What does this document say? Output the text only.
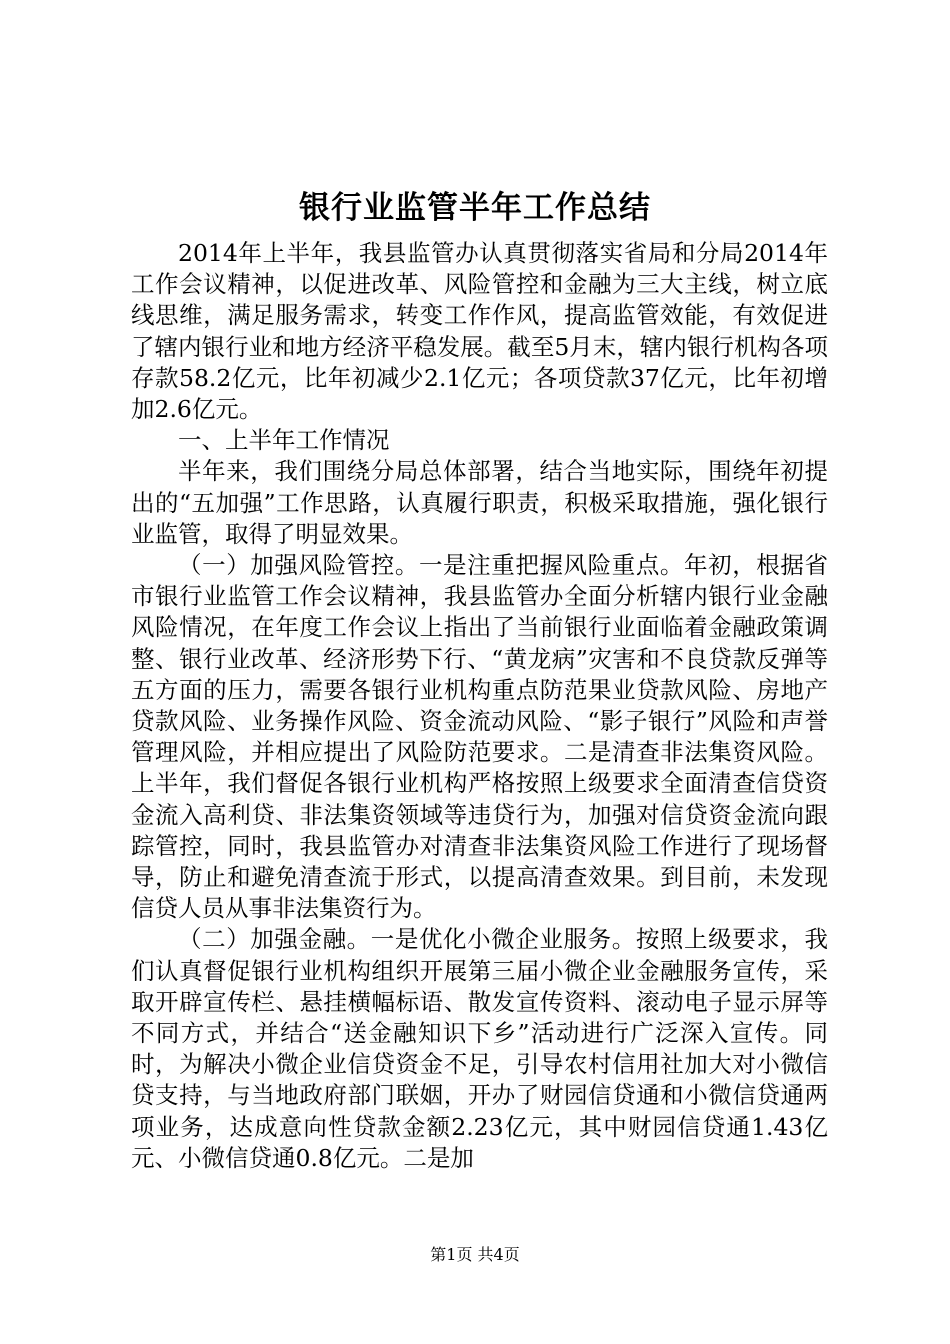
银行业监管半年工作总结

2014年上半年，我县监管办认真贯彻落实省局和分局2014年工作会议精神，以促进改革、风险管控和金融为三大主线，树立底线思维，满足服务需求，转变工作作风，提高监管效能，有效促进了辖内银行业和地方经济平稳发展。截至5月末，辖内银行机构各项存款58.2亿元，比年初减少2.1亿元；各项贷款37亿元，比年初增加2.6亿元。

一、上半年工作情况

半年来，我们围绕分局总体部署，结合当地实际，围绕年初提出的“五加强”工作思路，认真履行职责，积极采取措施，强化银行业监管，取得了明显效果。

（一）加强风险管控。一是注重把握风险重点。年初，根据省市银行业监管工作会议精神，我县监管办全面分析辖内银行业金融风险情况，在年度工作会议上指出了当前银行业面临着金融政策调整、银行业改革、经济形势下行、“黄龙病”灾害和不良贷款反弹等五方面的压力，需要各银行业机构重点防范果业贷款风险、房地产贷款风险、业务操作风险、资金流动风险、“影子银行”风险和声誉管理风险，并相应提出了风险防范要求。二是清查非法集资风险。上半年，我们督促各银行业机构严格按照上级要求全面清查信贷资金流入高利贷、非法集资领域等违贷行为，加强对信贷资金流向跟踪管控，同时，我县监管办对清查非法集资风险工作进行了现场督导，防止和避免清查流于形式，以提高清查效果。到目前，未发现信贷人员从事非法集资行为。

（二）加强金融。一是优化小微企业服务。按照上级要求，我们认真督促银行业机构组织开展第三届小微企业金融服务宣传，采取开辟宣传栏、悬挂横幅标语、散发宣传资料、滚动电子显示屏等不同方式，并结合“送金融知识下乡”活动进行广泛深入宣传。同时，为解决小微企业信贷资金不足，引导农村信用社加大对小微信贷支持，与当地政府部门联姻，开办了财园信贷通和小微信贷通两项业务，达成意向性贷款金额2.23亿元，其中财园信贷通1.43亿元、小微信贷通0.8亿元。二是加

第1页 共4页
